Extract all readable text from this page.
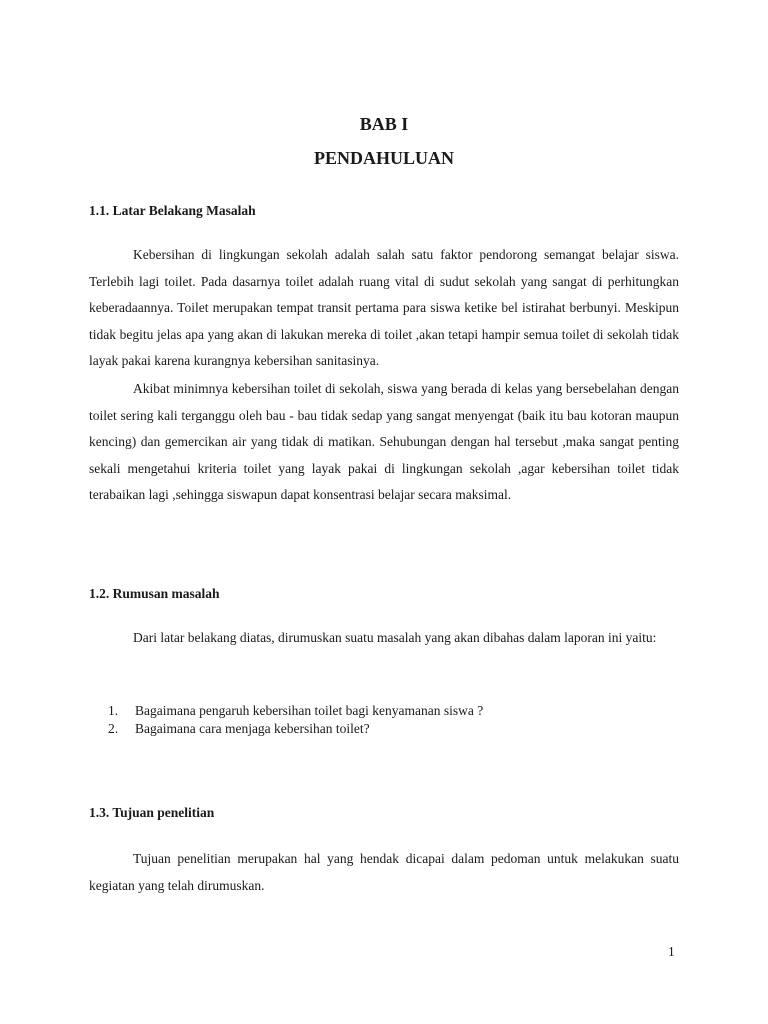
BAB I
PENDAHULUAN
1.1. Latar Belakang Masalah

Kebersihan di lingkungan sekolah adalah salah satu faktor pendorong semangat belajar siswa. Terlebih lagi toilet. Pada dasarnya toilet adalah ruang vital di sudut sekolah yang sangat di perhitungkan keberadaannya. Toilet merupakan tempat transit pertama para siswa ketike bel istirahat berbunyi. Meskipun tidak begitu jelas apa yang akan di lakukan mereka di toilet ,akan tetapi hampir semua toilet di sekolah tidak layak pakai karena kurangnya kebersihan sanitasinya.

Akibat minimnya kebersihan toilet di sekolah, siswa yang berada di kelas yang bersebelahan dengan toilet sering kali terganggu oleh bau - bau tidak sedap yang sangat menyengat (baik itu bau kotoran maupun kencing) dan gemercikan air yang tidak di matikan. Sehubungan dengan hal tersebut ,maka sangat penting sekali mengetahui kriteria toilet yang layak pakai di lingkungan sekolah ,agar kebersihan toilet tidak terabaikan lagi ,sehingga siswapun dapat konsentrasi belajar secara maksimal.

1.2. Rumusan masalah

Dari latar belakang diatas, dirumuskan suatu masalah yang akan dibahas dalam laporan ini yaitu:

1. Bagaimana pengaruh kebersihan toilet bagi kenyamanan siswa ?
2. Bagaimana cara menjaga kebersihan toilet?
1.3. Tujuan penelitian

Tujuan penelitian merupakan hal yang hendak dicapai dalam pedoman untuk melakukan suatu kegiatan yang telah dirumuskan.

1
